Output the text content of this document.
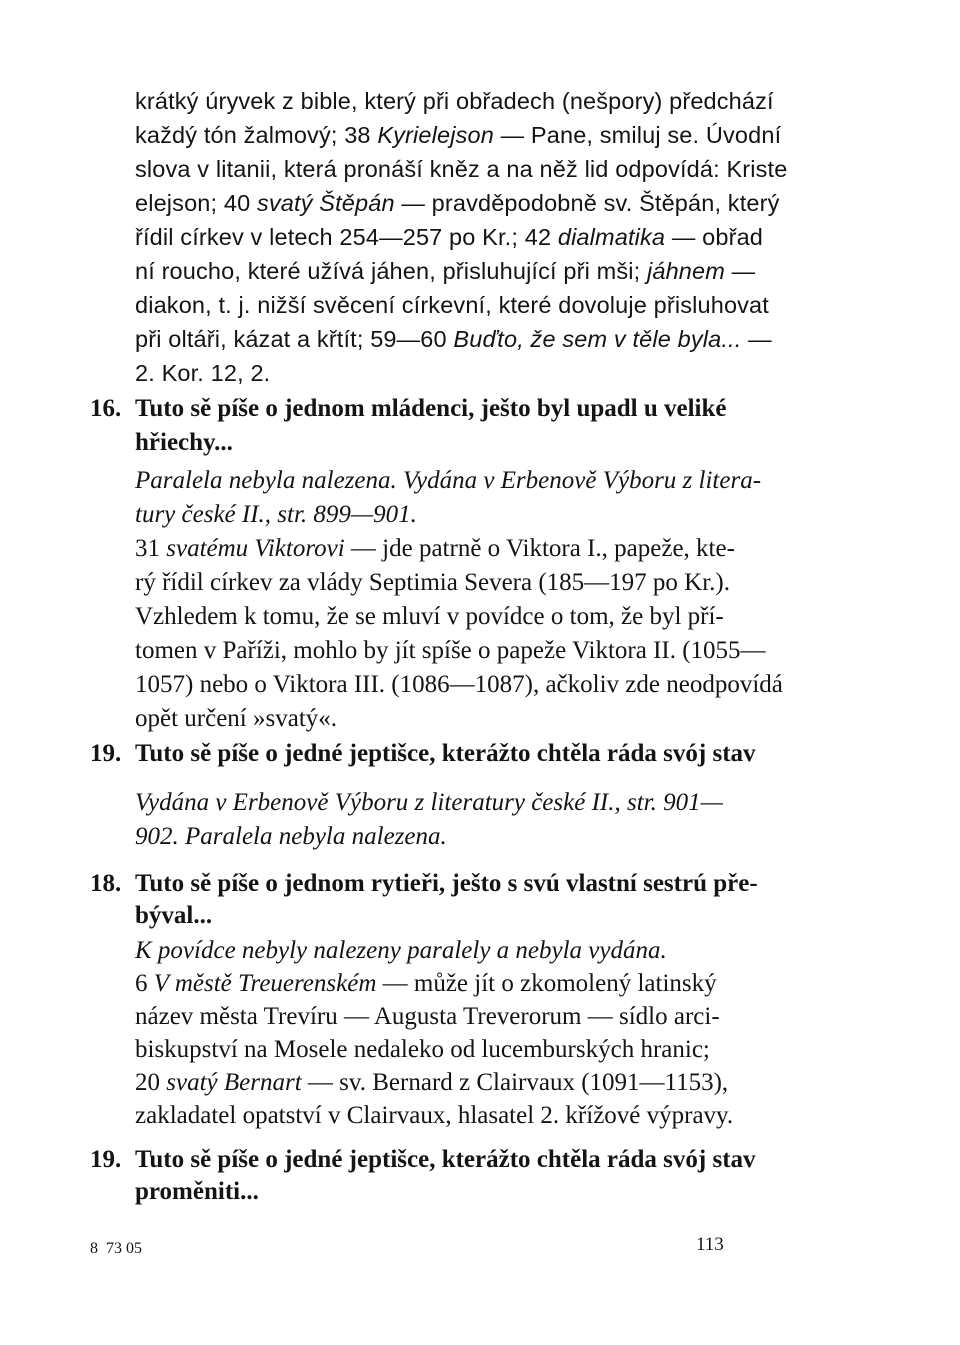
krátký úryvek z bible, který při obřadech (nešpory) předchází
každý tón žalmový; 38 Kyrielejson — Pane, smiluj se. Úvodní
slova v litanii, která pronáší kněz a na něž lid odpovídá: Kriste
elejson; 40 svatý Štěpán — pravděpodobně sv. Štěpán, který
řídil církev v letech 254—257 po Kr.; 42 dialmatika — obřad
ní roucho, které užívá jáhen, přisluhující při mši; jáhnem —
diakon, t. j. nižší svěcení církevní, které dovoluje přisluhovat
při oltáři, kázat a křtít; 59—60 Buďto, že sem v těle byla... —
2. Kor. 12, 2.
16. Tuto sě píše o jednom mládenci, ješto byl upadl u veliké
hřiechy...
Paralela nebyla nalezena. Vydána v Erbenově Výboru z litera-
tury české II., str. 899—901.
31 svatému Viktorovi — jde patrně o Viktora I., papeže, kte-
rý řídil církev za vlády Septimia Severa (185—197 po Kr.).
Vzhledem k tomu, že se mluví v povídce o tom, že byl pří-
tomen v Paříži, mohlo by jít spíše o papeže Viktora II. (1055—
1057) nebo o Viktora III. (1086—1087), ačkoliv zde neodpovídá
opět určení »svatý«.
19. Tuto sě píše o jedné jeptišce, kterážto chtěla ráda svój stav
Vydána v Erbenově Výboru z literatury české II., str. 901—
902. Paralela nebyla nalezena.
18. Tuto sě píše o jednom rytieři, ješto s svú vlastní sestrú pře-
býval...
K povídce nebyly nalezeny paralely a nebyla vydána.
6 V městě Treuerenském — může jít o zkomolený latinský
název města Trevíru — Augusta Treverorum — sídlo arci-
biskupství na Mosele nedaleko od lucemburských hranic;
20 svatý Bernart — sv. Bernard z Clairvaux (1091—1153),
zakladatel opatství v Clairvaux, hlasatel 2. křížové výpravy.
19. Tuto sě píše o jedné jeptišce, kterážto chtěla ráda svój stav
proměniti...
8  73 05	113
